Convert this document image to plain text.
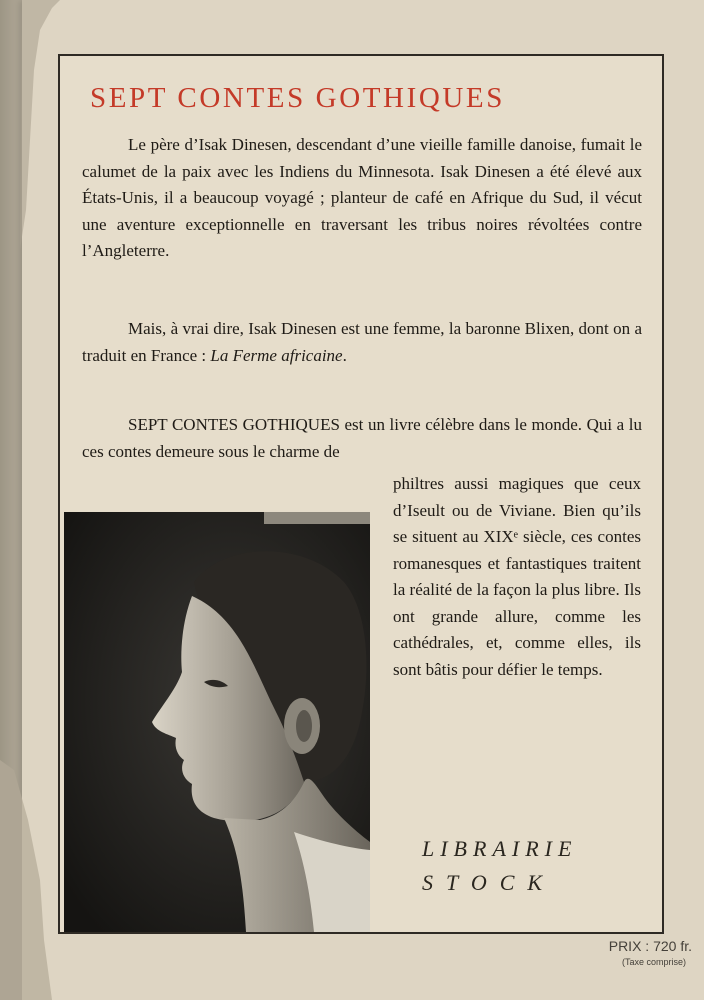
SEPT CONTES GOTHIQUES

Le père d’Isak Dinesen, descendant d’une vieille famille danoise, fumait le calumet de la paix avec les Indiens du Minnesota. Isak Dinesen a été élevé aux États-Unis, il a beaucoup voyagé ; planteur de café en Afrique du Sud, il vécut une aventure exceptionnelle en traversant les tribus noires révoltées contre l’Angleterre.

Mais, à vrai dire, Isak Dinesen est une femme, la baronne Blixen, dont on a traduit en France : La Ferme africaine.

SEPT CONTES GOTHIQUES est un livre célèbre dans le monde. Qui a lu ces contes demeure sous le charme de

philtres aussi magiques que ceux d’Iseult ou de Viviane. Bien qu’ils se situent au XIXᵉ siècle, ces contes romanesques et fantastiques traitent la réalité de la façon la plus libre. Ils ont grande allure, comme les cathédrales, et, comme elles, ils sont bâtis pour défier le temps.

LIBRAIRIE
STOCK
PRIX : 720 fr.
(Taxe comprise)
